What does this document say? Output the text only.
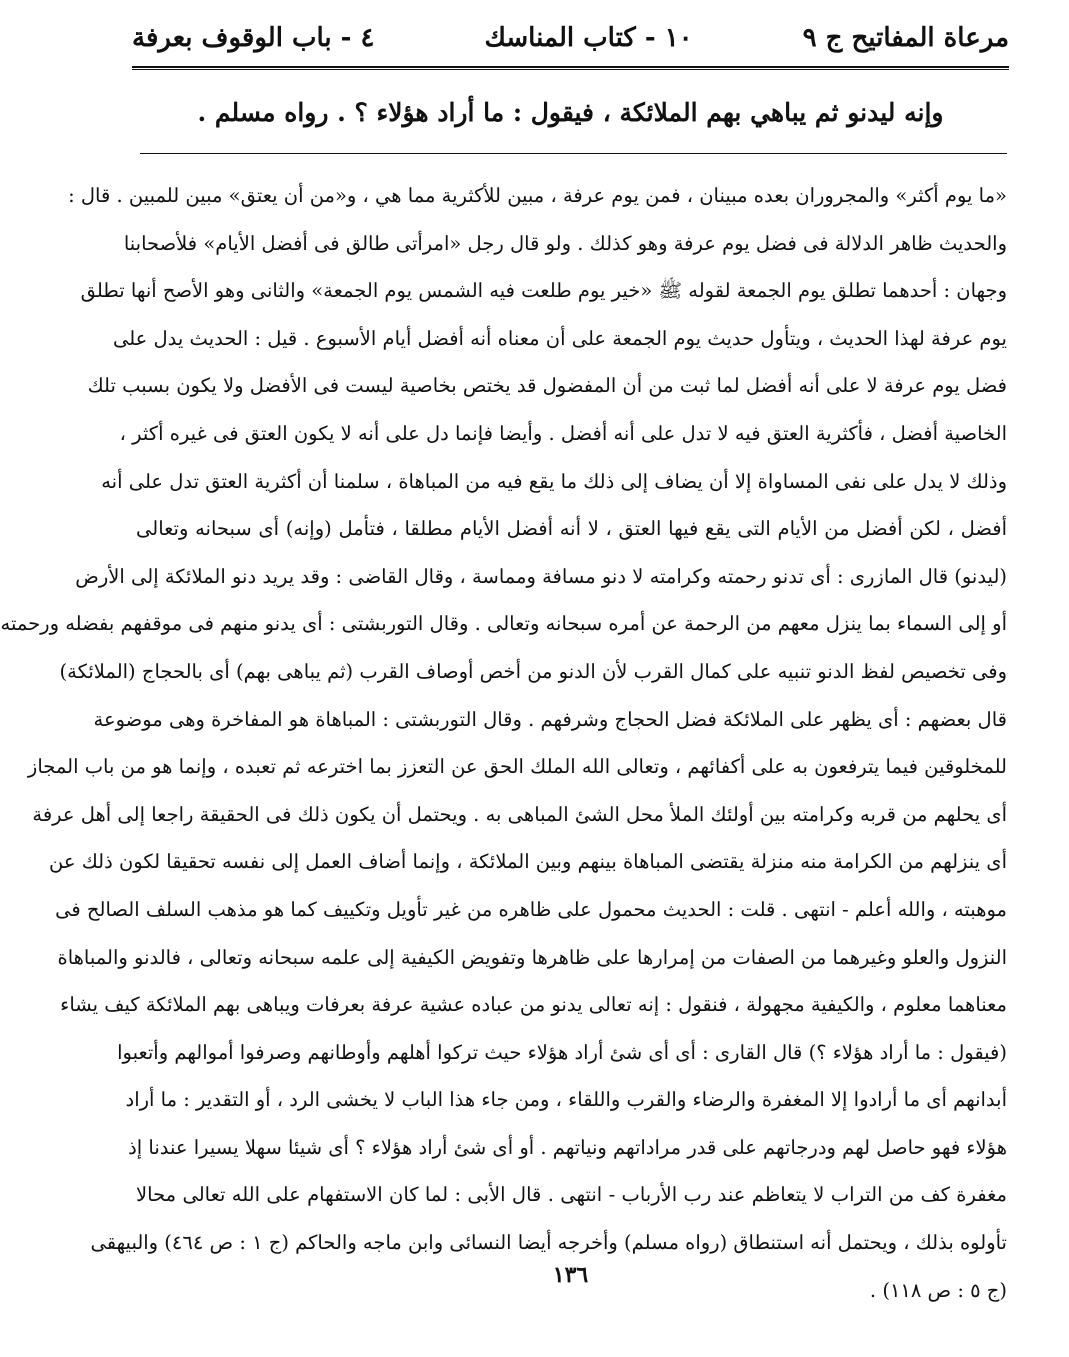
مرعاة المفاتيح ج ٩
١٠ - كتاب المناسك
٤ - باب الوقوف بعرفة
وإنه ليدنو ثم يباهي بهم الملائكة ، فيقول : ما أراد هؤلاء ؟ . رواه مسلم .
«ما يوم أكثر» والمجروران بعده مبينان ، فمن يوم عرفة ، مبين للأكثرية مما هي ، و«من أن يعتق» مبين للمبين . قال :
والحديث ظاهر الدلالة فى فضل يوم عرفة وهو كذلك . ولو قال رجل «امرأتى طالق فى أفضل الأيام» فلأصحابنا
وجهان : أحدهما تطلق يوم الجمعة لقوله ﷺ «خير يوم طلعت فيه الشمس يوم الجمعة» والثانى وهو الأصح أنها تطلق
يوم عرفة لهذا الحديث ، ويتأول حديث يوم الجمعة على أن معناه أنه أفضل أيام الأسبوع . قيل : الحديث يدل على
فضل يوم عرفة لا على أنه أفضل لما ثبت من أن المفضول قد يختص بخاصية ليست فى الأفضل ولا يكون بسبب تلك
الخاصية أفضل ، فأكثرية العتق فيه لا تدل على أنه أفضل . وأيضا فإنما دل على أنه لا يكون العتق فى غيره أكثر ،
وذلك لا يدل على نفى المساواة إلا أن يضاف إلى ذلك ما يقع فيه من المباهاة ، سلمنا أن أكثرية العتق تدل على أنه
أفضل ، لكن أفضل من الأيام التى يقع فيها العتق ، لا أنه أفضل الأيام مطلقا ، فتأمل (وإنه) أى سبحانه وتعالى
(ليدنو) قال المازرى : أى تدنو رحمته وكرامته لا دنو مسافة ومماسة ، وقال القاضى : وقد يريد دنو الملائكة إلى الأرض
أو إلى السماء بما ينزل معهم من الرحمة عن أمره سبحانه وتعالى . وقال التوربشتى : أى يدنو منهم فى موقفهم بفضله ورحمته
وفى تخصيص لفظ الدنو تنبيه على كمال القرب لأن الدنو من أخص أوصاف القرب (ثم يباهى بهم) أى بالحجاج (الملائكة)
قال بعضهم : أى يظهر على الملائكة فضل الحجاج وشرفهم . وقال التوربشتى : المباهاة هو المفاخرة وهى موضوعة
للمخلوقين فيما يترفعون به على أكفائهم ، وتعالى الله الملك الحق عن التعزز بما اخترعه ثم تعبده ، وإنما هو من باب المجاز
أى يحلهم من قربه وكرامته بين أولئك الملأ محل الشئ المباهى به . ويحتمل أن يكون ذلك فى الحقيقة راجعا إلى أهل عرفة
أى ينزلهم من الكرامة منه منزلة يقتضى المباهاة بينهم وبين الملائكة ، وإنما أضاف العمل إلى نفسه تحقيقا لكون ذلك عن
موهبته ، والله أعلم - انتهى . قلت : الحديث محمول على ظاهره من غير تأويل وتكييف كما هو مذهب السلف الصالح فى
النزول والعلو وغيرهما من الصفات من إمرارها على ظاهرها وتفويض الكيفية إلى علمه سبحانه وتعالى ، فالدنو والمباهاة
معناهما معلوم ، والكيفية مجهولة ، فنقول : إنه تعالى يدنو من عباده عشية عرفة بعرفات ويباهى بهم الملائكة كيف يشاء
(فيقول : ما أراد هؤلاء ؟) قال القارى : أى أى شئ أراد هؤلاء حيث تركوا أهلهم وأوطانهم وصرفوا أموالهم وأتعبوا
أبدانهم أى ما أرادوا إلا المغفرة والرضاء والقرب واللقاء ، ومن جاء هذا الباب لا يخشى الرد ، أو التقدير : ما أراد
هؤلاء فهو حاصل لهم ودرجاتهم على قدر مراداتهم ونياتهم . أو أى شئ أراد هؤلاء ؟ أى شيئا سهلا يسيرا عندنا إذ
مغفرة كف من التراب لا يتعاظم عند رب الأرباب - انتهى . قال الأبى : لما كان الاستفهام على الله تعالى محالا
تأولوه بذلك ، ويحتمل أنه استنطاق (رواه مسلم) وأخرجه أيضا النسائى وابن ماجه والحاكم (ج ١ : ص ٤٦٤) والبيهقى
(ج ٥ : ص ١١٨) .
١٣٦
